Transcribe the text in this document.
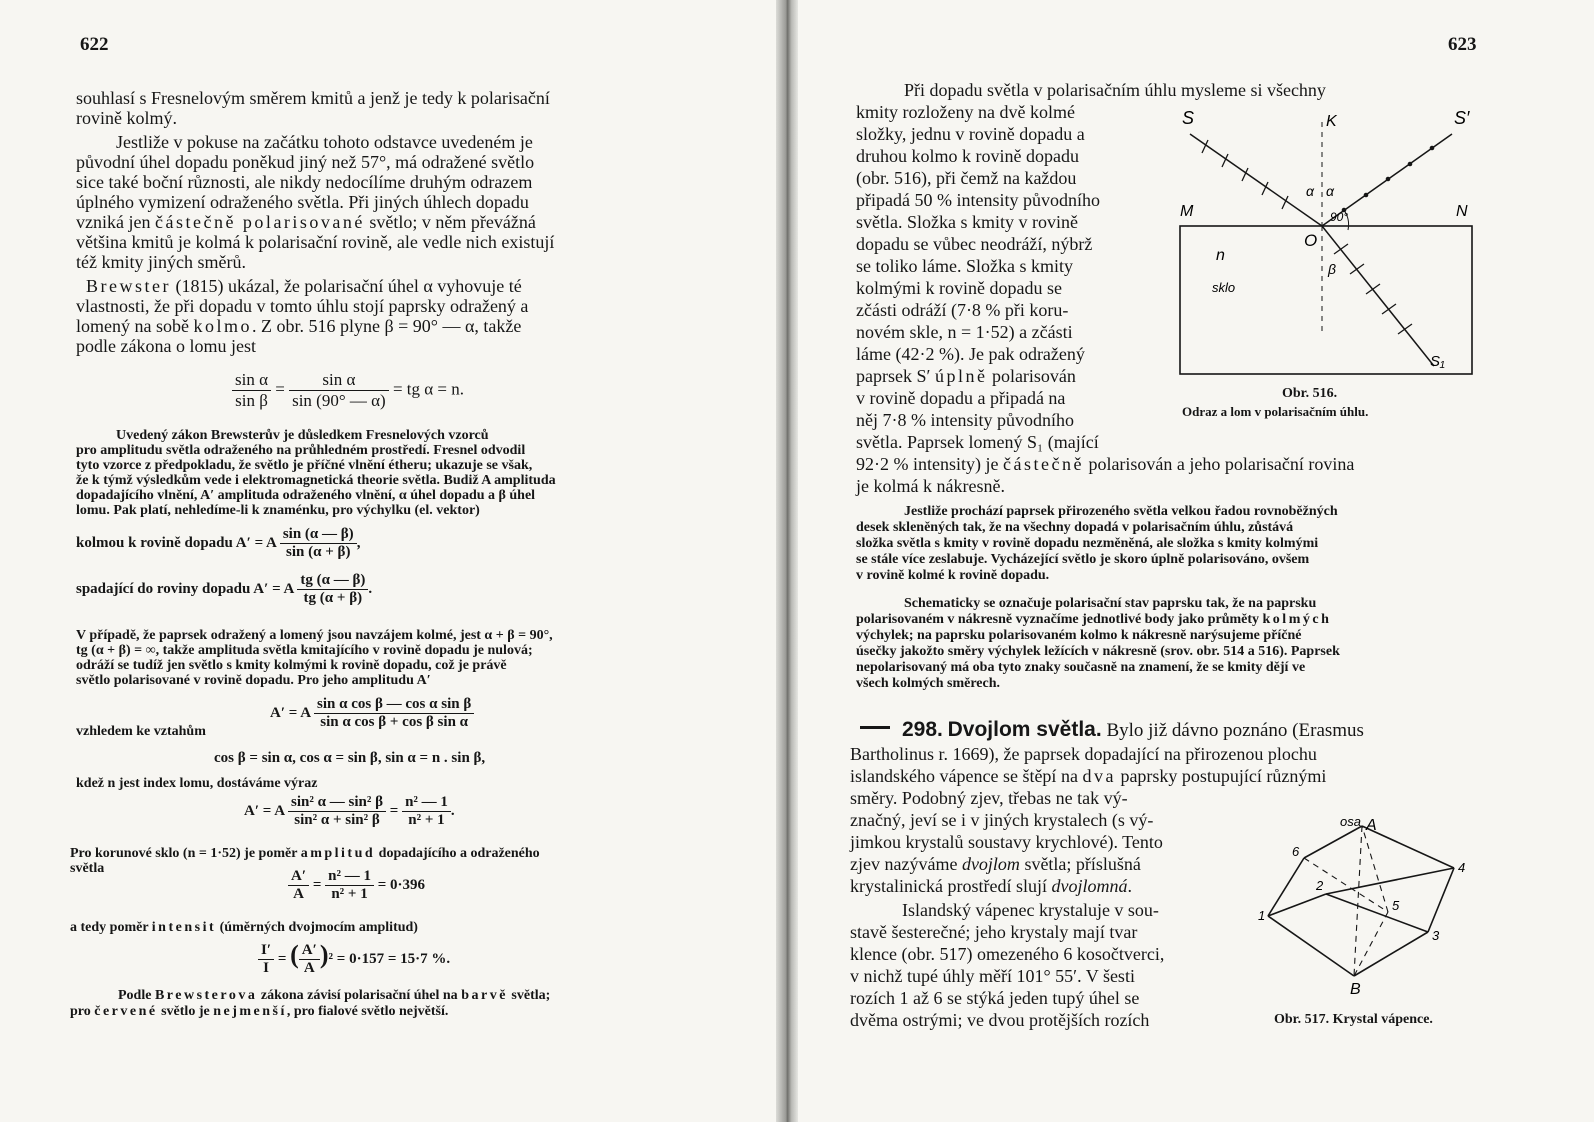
622
souhlasí s Fresnelovým směrem kmitů a jenž je tedy k polarisační
rovině kolmý.
Jestliže v pokuse na začátku tohoto odstavce uvedeném je
původní úhel dopadu poněkud jiný než 57°, má odražené světlo
sice také boční různosti, ale nikdy nedocílíme druhým odrazem
úplného vymizení odraženého světla. Při jiných úhlech dopadu
vzniká jen částečně polarisované světlo; v něm převážná
většina kmitů je kolmá k polarisační rovině, ale vedle nich existují
též kmity jiných směrů.
Brewster (1815) ukázal, že polarisační úhel α vyhovuje té
vlastnosti, že při dopadu v tomto úhlu stojí paprsky odražený a
lomený na sobě kolmo. Z obr. 516 plyne β = 90° — α, takže
podle zákona o lomu jest
$\frac{\text{sin α}}{\text{sin β}} = \frac{\text{sin α}}{\sin (90^\circ — \alpha)}$ = tg α = n.
Uvedený zákon Brewsterův je důsledkem Fresnelových vzorců
pro amplitudu světla odraženého na průhledném prostředí. Fresnel odvodil
tyto vzorce z předpokladu, že světlo je příčné vlnění étheru; ukazuje se však,
že k týmž výsledkům vede i elektromagnetická theorie světla. Budiž A amplituda
dopadajícího vlnění, A′ amplituda odraženého vlnění, α úhel dopadu a β úhel
lomu. Pak platí, nehledíme-li k znaménku, pro výchylku (el. vektor)
kolmou k rovině dopadu A′ = A $\frac{\sin (\alpha — \beta)}{\sin (\alpha + \beta)}$ ,
spadající do roviny dopadu A′ = A $\frac{tg (\alpha — \beta)}{tg (\alpha + \beta)}$ .
V případě, že paprsek odražený a lomený jsou navzájem kolmé, jest α + β = 90°,
tg (α + β) = ∞, takže amplituda světla kmitajícího v rovině dopadu je nulová;
odráží se tudíž jen světlo s kmity kolmými k rovině dopadu, což je právě
světlo polarisované v rovině dopadu. Pro jeho amplitudu A′
vzhledem ke vztahům
A′ = A $\frac{\text{sin α cos β — cos α sin β}}{\text{sin α cos β + cos β sin α}}$
cos β = sin α, cos α = sin β, sin α = n . sin β,
kdež n jest index lomu, dostáváme výraz
A′ = A $\frac{\text{sin² α — sin² β}}{\text{sin² α + sin² β}} = \frac{\text{n² — 1}}{\text{n² + 1}}$ .
Pro korunové sklo (n = 1·52) je poměr amplitud dopadajícího a odraženého
světla	$\frac{A'}{A} = \frac{\text{n² — 1}}{\text{n² + 1}} = 0\cdot 396$
a tedy poměr intensit (úměrných dvojmocím amplitud)
$\frac{I'}{I}$ = ( $\frac{A'}{A} )^2 = 0\cdot 157 = 15\cdot 7$ %.
Podle Brewsterova zákona závisí polarisační úhel na barvě světla;
pro červené světlo je nejmenší, pro fialové světlo největší.
623
Při dopadu světla v polarisačním úhlu mysleme si všechny
kmity rozloženy na dvě kolmé
složky, jednu v rovině dopadu a
druhou kolmo k rovině dopadu
(obr. 516), při čemž na každou
připadá 50 % intensity původního
světla. Složka s kmity v rovině
dopadu se vůbec neodráží, nýbrž
se toliko láme. Složka s kmity
kolmými k rovině dopadu se
zčásti odráží (7·8 % při koru-
novém skle, n = 1·52) a zčásti
láme (42·2 %). Je pak odražený
paprsek S′ úplně polarisován
v rovině dopadu a připadá na
něj 7·8 % intensity původního
světla. Paprsek lomený S₁ (mající
92·2 % intensity) je částečně polarisován a jeho polarisační rovina
je kolmá k nákresně.
S	K	S′
M	N
O
α α
90°
β
n
sklo
S₁
Obr. 516.
Odraz a lom v polarisačním úhlu.
Jestliže prochází paprsek přirozeného světla velkou řadou rovnoběžných
desek skleněných tak, že na všechny dopadá v polarisačním úhlu, zůstává
složka světla s kmity v rovině dopadu nezměněná, ale složka s kmity kolmými
se stále více zeslabuje. Vycházející světlo je skoro úplně polarisováno, ovšem
v rovině kolmé k rovině dopadu.
Schematicky se označuje polarisační stav paprsku tak, že na paprsku
polarisovaném v nákresně vyznačíme jednotlivé body jako průměty kolmých
výchylek; na paprsku polarisovaném kolmo k nákresně narýsujeme příčné
úsečky jakožto směry výchylek ležících v nákresně (srov. obr. 514 a 516). Paprsek
nepolarisovaný má oba tyto znaky současně na znamení, že se kmity dějí ve
všech kolmých směrech.
298. Dvojlom světla. Bylo již dávno poznáno (Erasmus
Bartholinus r. 1669), že paprsek dopadající na přirozenou plochu
islandského vápence se štěpí na dva paprsky postupující různými
směry. Podobný zjev, třebas ne tak vý-
značný, jeví se i v jiných krystalech (s vý-
jimkou krystalů soustavy krychlové). Tento
zjev nazýváme dvojlom světla; příslušná
krystalinická prostředí slují dvojlomná.
Islandský vápenec krystaluje v sou-
stavě šesterečné; jeho krystaly mají tvar
klence (obr. 517) omezeného 6 kosočtverci,
v nichž tupé úhly měří 101° 55′. V šesti
rozích 1 až 6 se stýká jeden tupý úhel se
dvěma ostrými; ve dvou protějších rozích
osa A
B
1
2
3
4
5
6
Obr. 517. Krystal vápence.
